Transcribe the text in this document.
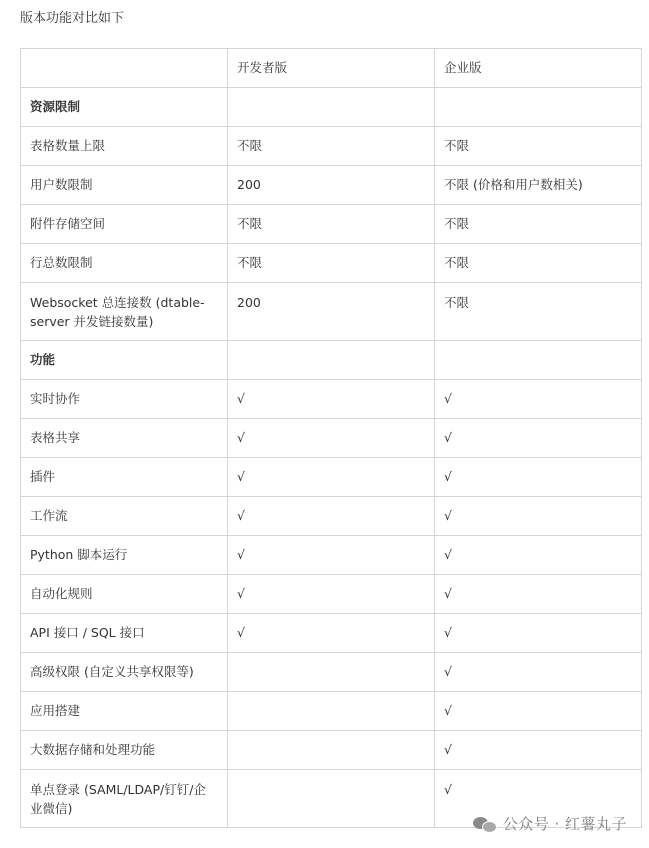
版本功能对比如下
	开发者版	企业版
资源限制		
表格数量上限	不限	不限
用户数限制	200	不限 (价格和用户数相关)
附件存储空间	不限	不限
行总数限制	不限	不限
Websocket 总连接数 (dtable-server 并发链接数量)	200	不限
功能		
实时协作	√	√
表格共享	√	√
插件	√	√
工作流	√	√
Python 脚本运行	√	√
自动化规则	√	√
API 接口 / SQL 接口	√	√
高级权限 (自定义共享权限等)		√
应用搭建		√
大数据存储和处理功能		√
单点登录 (SAML/LDAP/钉钉/企业微信)		√
公众号 · 红薯丸子
